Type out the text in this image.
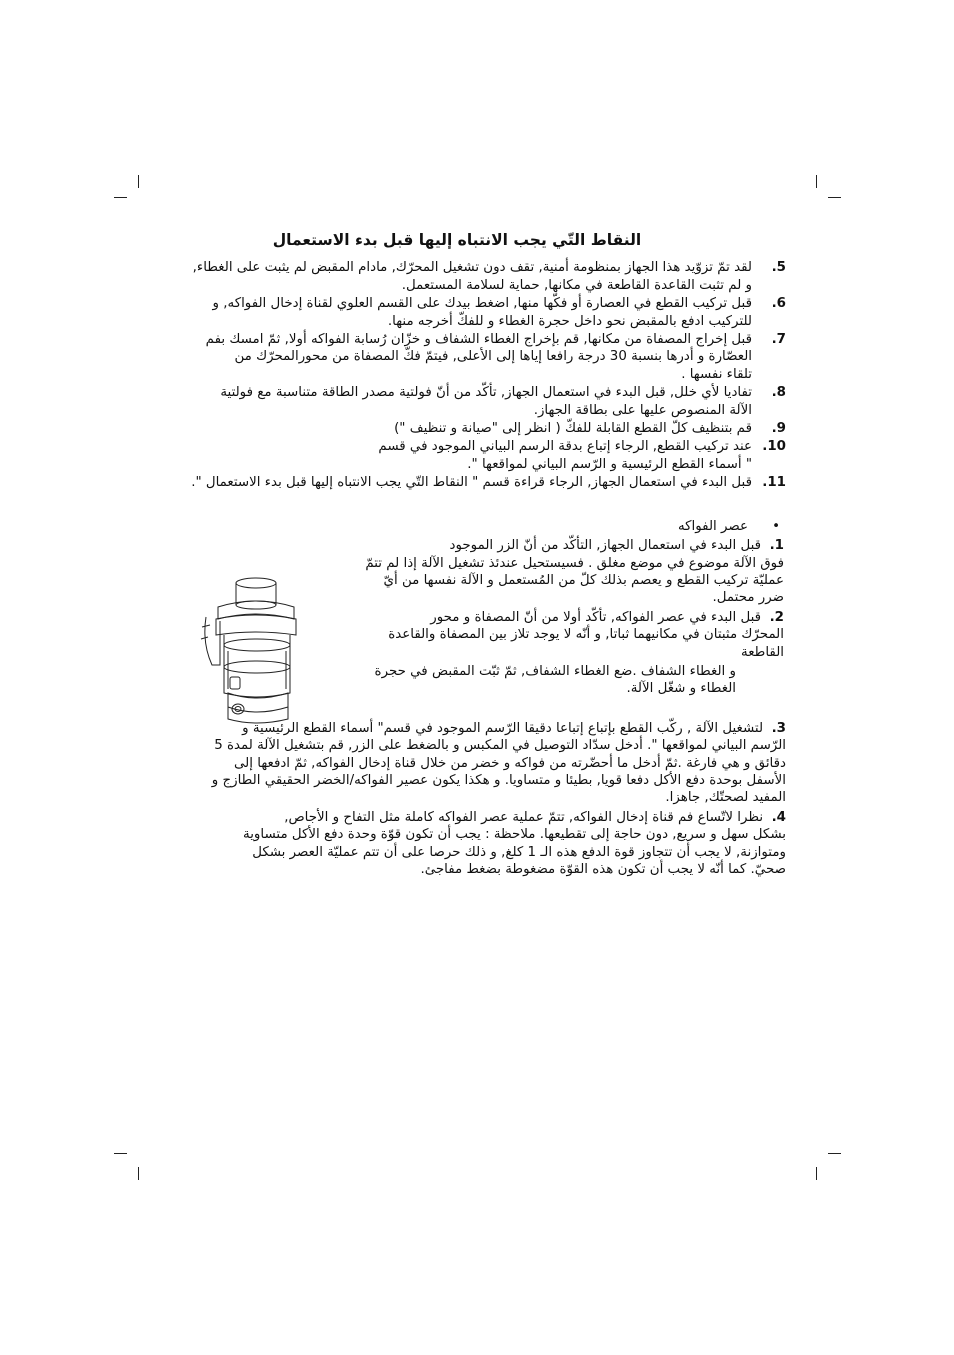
النقاط التّي يجب الانتباه إليها قبل بدء الاستعمال
5.

لقد تمّ تزوّيد هذا الجهاز بمنظومة أمنية, تقف دون تشغيل المحرّك, مادام المقبض لم يثبت على الغطاء,

و لم تثبت القاعدة القاطعة في مكانها, حماية لسلامة المستعمل.

6.

قبل تركيب القطع في العصارة أو فكّها منها, اضغط بيدك على القسم العلوي لقناة إدخال الفواكه, و

للتركيب ادفع بالمقبض نحو داخل حجرة الغطاء و للفكّ أخرجه منها.

7.

قبل إخراج المصفاة من مكانها, قم بإخراج الغطاء الشفاف و خزّان رُسابة الفواكه أولا, ثمّ امسك بفم

العصّارة و أدرها بنسبة 30 درجة رافعا إياها إلى الأعلى, فيتمّ فكّ المصفاة من محورالمحرّك من

تلقاء نفسها .

8.

تفاديا لأي خلل, قبل البدء في استعمال الجهاز, تأكّد من أنّ فولتية مصدر الطاقة متناسبة مع فولتية

الآلة المنصوص عليها على بطاقة الجهاز.

9.

قم بتنظيف كلّ القطع القابلة للفكّ ( انظر إلى "صيانة و تنظيف ")

10.

عند تركيب القطع, الرجاء إتباع بدقة الرسم البياني الموجود في قسم

" أسماء القطع الرئيسية و الرّسم البياني لمواقعها ".

11.

قبل البدء في استعمال الجهاز, الرجاء قراءة قسم " النقاط التّي يجب الانتباه إليها قبل بدء الاستعمال ".

•
عصر الفواكه

1.  قبل البدء في استعمال الجهاز, التأكّد من أنّ الزر الموجود
فوق الآلة موضوع في موضع مغلق . فسيستحيل عندئذ تشغيل الآلة إذا لم تتمّ
عمليّة تركيب القطع و يعصم بذلك كلّ من المُستعمل و الآلة نفسها من أيّ
ضرر محتمل.

2.  قبل البدء في عصر الفواكه, تأكّد أولا من أنّ المصفاة و محور
المحرّك مثبتان في مكانيهما ثباتا, و أنّه لا يوجد تلاز بين المصفاة والقاعدة
القاطعة

و الغطاء الشفاف .ضع الغطاء الشفاف, ثمّ ثبّت المقبض في حجرة
الغطاء و شغّل الآلة.

3.  لتشغيل الآلة , ركّب القطع بإتباع إتباعا دقيقا الرّسم الموجود في قسم" أسماء القطع الرئيسية و
الرّسم البياني لمواقعها ". أدخل سدّاد التوصيل في المكبس و بالضغط على الزر, قم بتشغيل الآلة لمدة 5
دقائق و هي فارغة .ثمّ أدخل ما أحضّرته من فواكه و خضر من خلال قناة إدخال الفواكه, ثمّ ادفعها إلى
الأسفل بوحدة دفع الأكل دفعا قويا, بطيئا و متساويا. و هكذا يكون عصير الفواكه/الخضر الحقيقي الطازج و
المفيد لصحتّك, جاهزا.

4.  نظرا لاتّساع فم قناة إدخال الفواكه, تتمّ عملية عصر الفواكه كاملة مثل التفاح و الأجاص,
بشكل سهل و سريع, دون حاجة إلى تقطيعها. ملاحظة : يجب أن تكون قوّة وحدة دفع الأكل متساوية
ومتوازنة, لا يجب أن تتجاوز قوة الدفع هذه الـ 1 كلغ, و ذلك حرصا على أن تتم عمليّة العصر بشكل
صحيّ. كما أنّه لا يجب أن تكون هذه القوّة مضغوطة بضغط مفاجئ.
